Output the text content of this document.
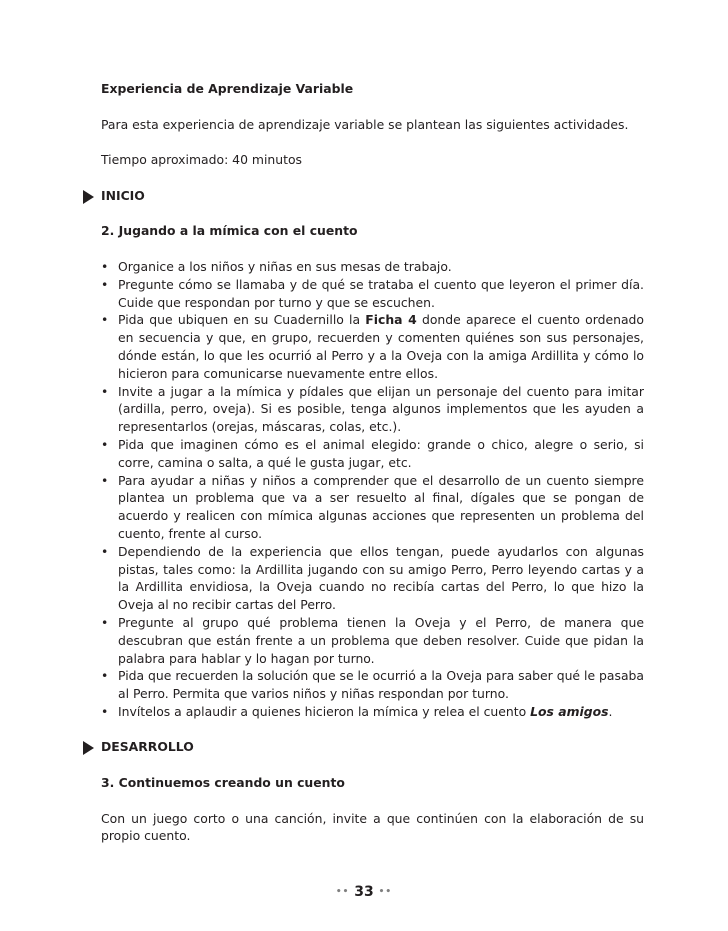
Experiencia de Aprendizaje Variable

Para esta experiencia de aprendizaje variable se plantean las siguientes actividades.

Tiempo aproximado: 40 minutos

INICIO

2. Jugando a la mímica con el cuento

• Organice a los niños y niñas en sus mesas de trabajo.
• Pregunte cómo se llamaba y de qué se trataba el cuento que leyeron el primer día. Cuide que respondan por turno y que se escuchen.
• Pida que ubiquen en su Cuadernillo la Ficha 4 donde aparece el cuento ordenado en secuencia y que, en grupo, recuerden y comenten quiénes son sus personajes, dónde están, lo que les ocurrió al Perro y a la Oveja con la amiga Ardillita y cómo lo hicieron para comunicarse nuevamente entre ellos.
• Invite a jugar a la mímica y pídales que elijan un personaje del cuento para imitar (ardilla, perro, oveja). Si es posible, tenga algunos implementos que les ayuden a representarlos (orejas, máscaras, colas, etc.).
• Pida que imaginen cómo es el animal elegido: grande o chico, alegre o serio, si corre, camina o salta, a qué le gusta jugar, etc.
• Para ayudar a niñas y niños a comprender que el desarrollo de un cuento siempre plantea un problema que va a ser resuelto al final, dígales que se pongan de acuerdo y realicen con mímica algunas acciones que representen un problema del cuento, frente al curso.
• Dependiendo de la experiencia que ellos tengan, puede ayudarlos con algunas pistas, tales como: la Ardillita jugando con su amigo Perro, Perro leyendo cartas y a la Ardillita envidiosa, la Oveja cuando no recibía cartas del Perro, lo que hizo la Oveja al no recibir cartas del Perro.
• Pregunte al grupo qué problema tienen la Oveja y el Perro, de manera que descubran que están frente a un problema que deben resolver. Cuide que pidan la palabra para hablar y lo hagan por turno.
• Pida que recuerden la solución que se le ocurrió a la Oveja para saber qué le pasaba al Perro. Permita que varios niños y niñas respondan por turno.
• Invítelos a aplaudir a quienes hicieron la mímica y relea el cuento Los amigos.

DESARROLLO

3. Continuemos creando un cuento

Con un juego corto o una canción, invite a que continúen con la elaboración de su propio cuento.

•• 33 ••
